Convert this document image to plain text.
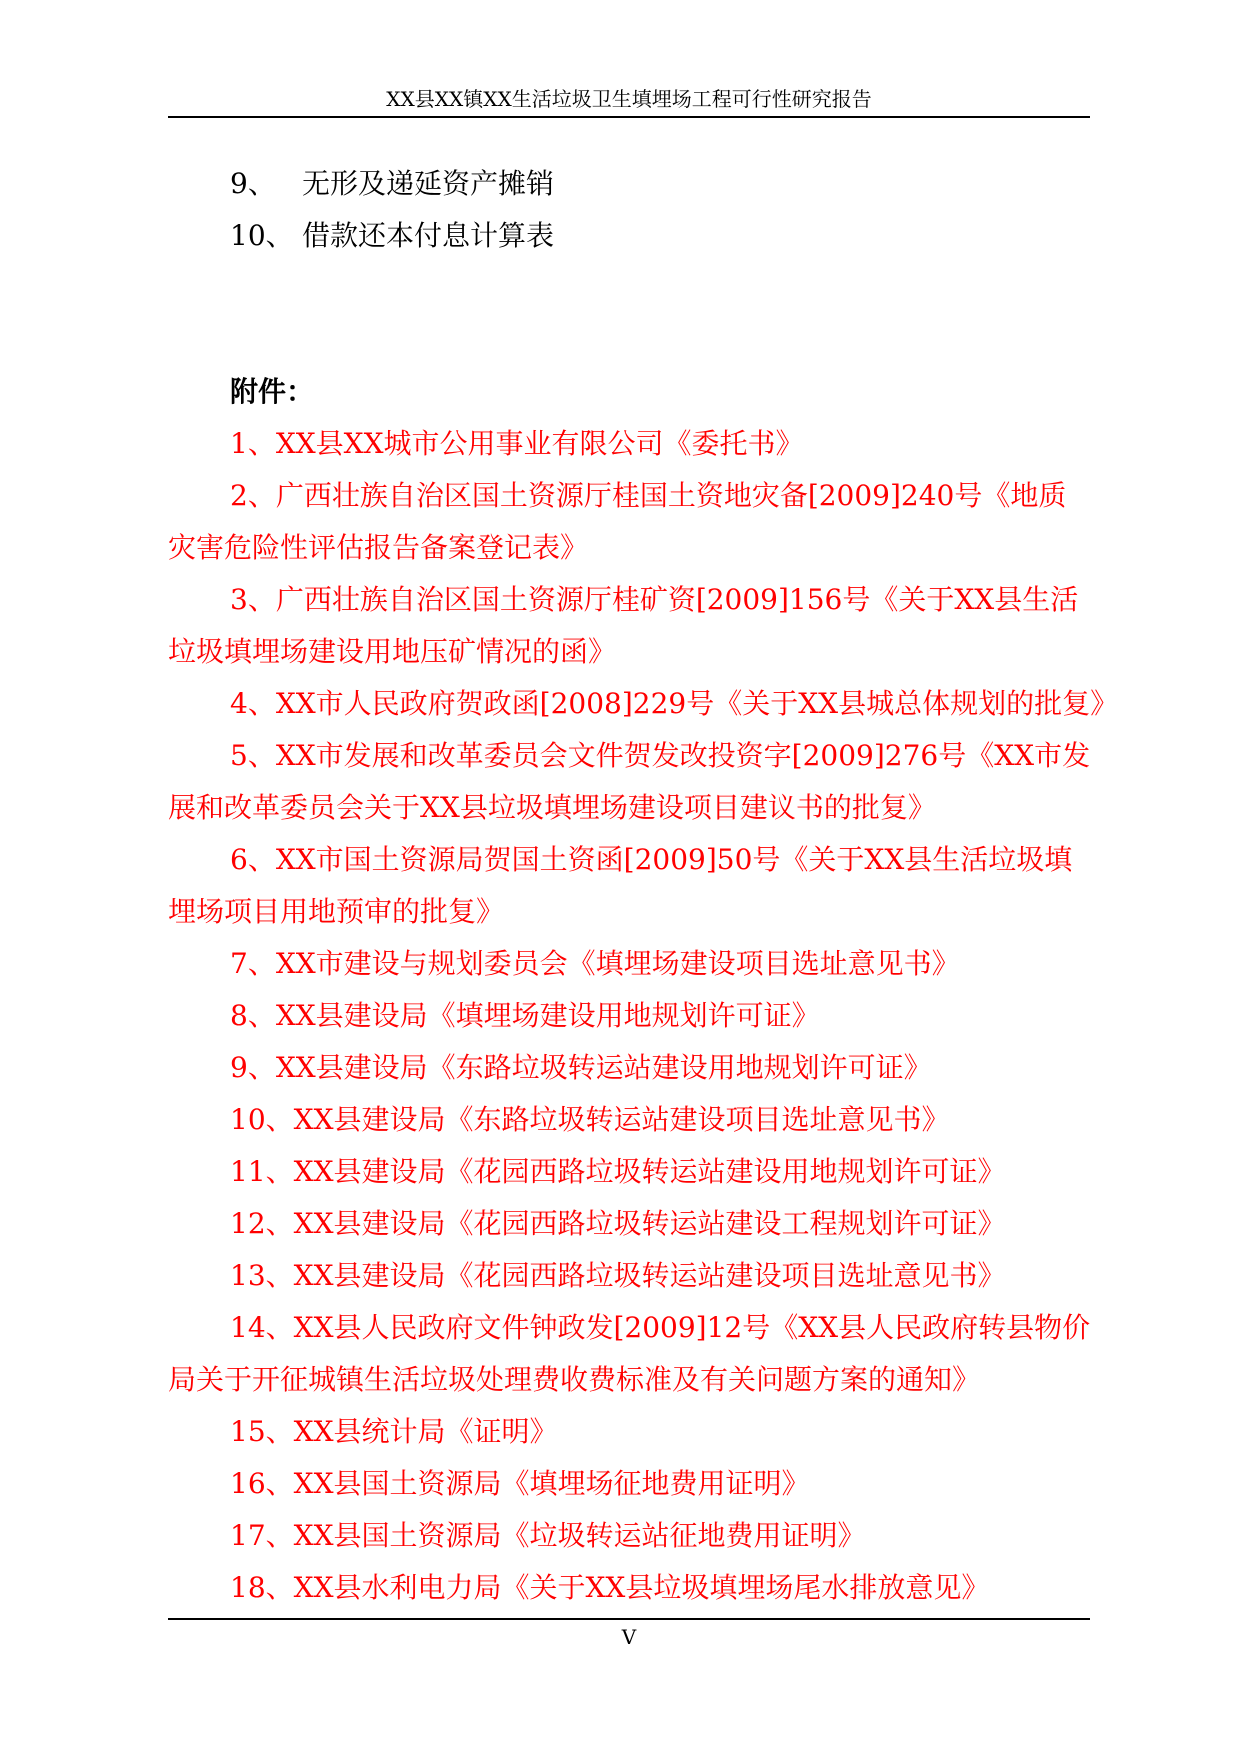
XX县XX镇XX生活垃圾卫生填埋场工程可行性研究报告
9、 无形及递延资产摊销
10、 借款还本付息计算表
附件：
1、XX县XX城市公用事业有限公司《委托书》
2、广西壮族自治区国土资源厅桂国土资地灾备[2009]240号《地质
灾害危险性评估报告备案登记表》
3、广西壮族自治区国土资源厅桂矿资[2009]156号《关于XX县生活
垃圾填埋场建设用地压矿情况的函》
4、XX市人民政府贺政函[2008]229号《关于XX县城总体规划的批复》
5、XX市发展和改革委员会文件贺发改投资字[2009]276号《XX市发
展和改革委员会关于XX县垃圾填埋场建设项目建议书的批复》
6、XX市国土资源局贺国土资函[2009]50号《关于XX县生活垃圾填
埋场项目用地预审的批复》
7、XX市建设与规划委员会《填埋场建设项目选址意见书》
8、XX县建设局《填埋场建设用地规划许可证》
9、XX县建设局《东路垃圾转运站建设用地规划许可证》
10、XX县建设局《东路垃圾转运站建设项目选址意见书》
11、XX县建设局《花园西路垃圾转运站建设用地规划许可证》
12、XX县建设局《花园西路垃圾转运站建设工程规划许可证》
13、XX县建设局《花园西路垃圾转运站建设项目选址意见书》
14、XX县人民政府文件钟政发[2009]12号《XX县人民政府转县物价
局关于开征城镇生活垃圾处理费收费标准及有关问题方案的通知》
15、XX县统计局《证明》
16、XX县国土资源局《填埋场征地费用证明》
17、XX县国土资源局《垃圾转运站征地费用证明》
18、XX县水利电力局《关于XX县垃圾填埋场尾水排放意见》
V
